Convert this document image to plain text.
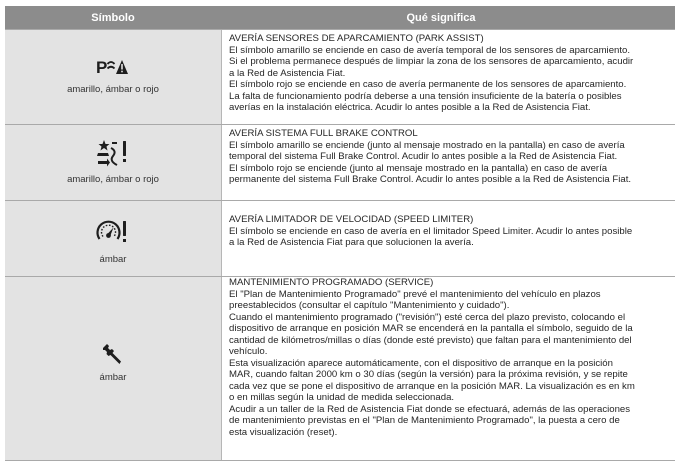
Símbolo	Qué significa
P
amarillo, ámbar o rojo
AVERÍA SENSORES DE APARCAMIENTO (PARK ASSIST)
El símbolo amarillo se enciende en caso de avería temporal de los sensores de aparcamiento.
Si el problema permanece después de limpiar la zona de los sensores de aparcamiento, acudir
a la Red de Asistencia Fiat.
El símbolo rojo se enciende en caso de avería permanente de los sensores de aparcamiento.
La falta de funcionamiento podría deberse a una tensión insuficiente de la batería o posibles
averías en la instalación eléctrica. Acudir lo antes posible a la Red de Asistencia Fiat.
amarillo, ámbar o rojo
AVERÍA SISTEMA FULL BRAKE CONTROL
El símbolo amarillo se enciende (junto al mensaje mostrado en la pantalla) en caso de avería
temporal del sistema Full Brake Control. Acudir lo antes posible a la Red de Asistencia Fiat.
El símbolo rojo se enciende (junto al mensaje mostrado en la pantalla) en caso de avería
permanente del sistema Full Brake Control. Acudir lo antes posible a la Red de Asistencia Fiat.
ámbar
AVERÍA LIMITADOR DE VELOCIDAD (SPEED LIMITER)
El símbolo se enciende en caso de avería en el limitador Speed Limiter. Acudir lo antes posible
a la Red de Asistencia Fiat para que solucionen la avería.
ámbar
MANTENIMIENTO PROGRAMADO (SERVICE)
El "Plan de Mantenimiento Programado" prevé el mantenimiento del vehículo en plazos
preestablecidos (consultar el capítulo "Mantenimiento y cuidado").
Cuando el mantenimiento programado ("revisión") esté cerca del plazo previsto, colocando el
dispositivo de arranque en posición MAR se encenderá en la pantalla el símbolo, seguido de la
cantidad de kilómetros/millas o días (donde esté previsto) que faltan para el mantenimiento del
vehículo.
Esta visualización aparece automáticamente, con el dispositivo de arranque en la posición
MAR, cuando faltan 2000 km o 30 días (según la versión) para la próxima revisión, y se repite
cada vez que se pone el dispositivo de arranque en la posición MAR. La visualización es en km
o en millas según la unidad de medida seleccionada.
Acudir a un taller de la Red de Asistencia Fiat donde se efectuará, además de las operaciones
de mantenimiento previstas en el "Plan de Mantenimiento Programado", la puesta a cero de
esta visualización (reset).
